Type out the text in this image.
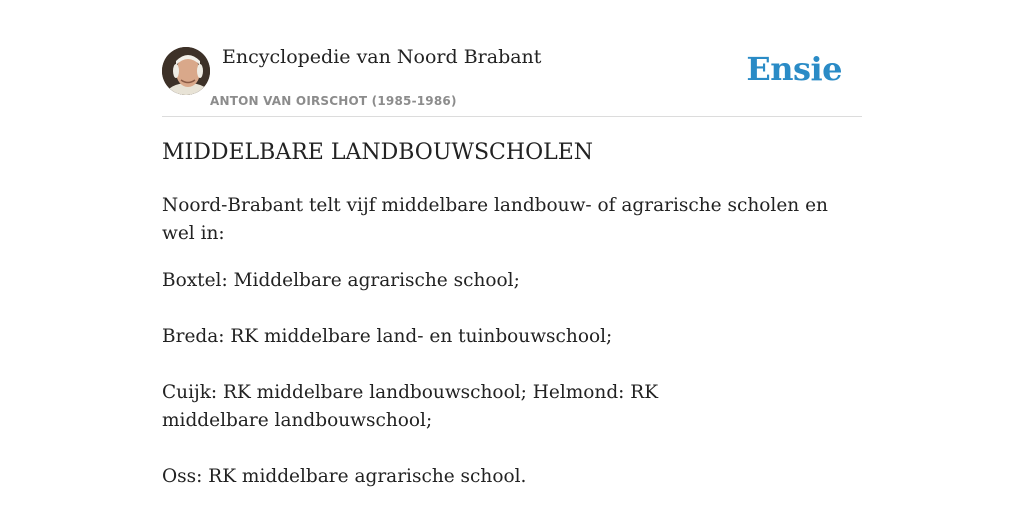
Encyclopedie van Noord Brabant
ANTON VAN OIRSCHOT (1985-1986)
Ensie
MIDDELBARE LANDBOUWSCHOLEN

Noord-Brabant telt vijf middelbare landbouw- of agrarische scholen en wel in:

Boxtel: Middelbare agrarische school;

Breda: RK middelbare land- en tuinbouwschool;

Cuijk: RK middelbare landbouwschool; Helmond: RK middelbare landbouwschool;

Oss: RK middelbare agrarische school.
